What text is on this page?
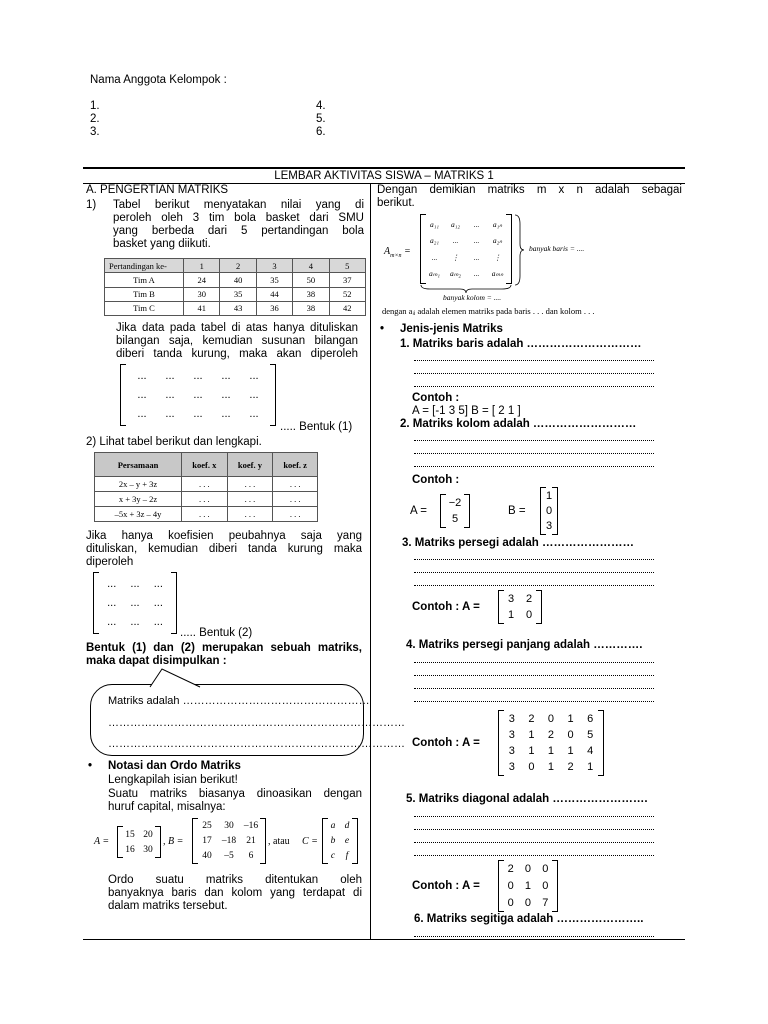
Nama Anggota Kelompok :
1.
2.
3.
4.
5.
6.
LEMBAR AKTIVITAS SISWA – MATRIKS 1
A. PENGERTIAN MATRIKS
1) Tabel berikut menyatakan nilai yang di
peroleh oleh 3 tim bola basket dari SMU
yang berbeda dari 5 pertandingan bola
basket yang diikuti.
Pertandingan ke-	1	2	3	4	5
Tim A	24	40	35	50	37
Tim B	30	35	44	38	52
Tim C	41	43	36	38	42
Jika data pada tabel di atas hanya dituliskan
bilangan saja, kemudian susunan bilangan
diberi tanda kurung, maka akan diperoleh
...	...	...	...	...
...	...	...	...	...
...	...	...	...	...
..... Bentuk (1)
2) Lihat tabel berikut dan lengkapi.
Persamaan	koef. x	koef. y	koef. z
2x – y + 3z	. . .	. . .	. . .
x + 3y – 2z	. . .	. . .	. . .
–5x + 3z – 4y	. . .	. . .	. . .
Jika hanya koefisien peubahnya saja yang
dituliskan, kemudian diberi tanda kurung maka
diperoleh
...	...	...
...	...	...
...	...	...
..... Bentuk (2)
Bentuk (1) dan (2) merupakan sebuah matriks,
maka dapat disimpulkan :
Matriks adalah ……………………………………………
………………………………………………………………………
………………………………………………………………………
• Notasi dan Ordo Matriks
Lengkapilah isian berikut!
Suatu matriks biasanya dinoasikan dengan
huruf capital, misalnya:
A =
15 20
16 30
, B =
25	30	–16
17	–18	21
40	–5	6
, atau C =
a d
b	e
c	f
Ordo suatu matriks ditentukan oleh
banyaknya baris dan kolom yang terdapat di
dalam matriks tersebut.
Dengan demikian matriks m x n adalah sebagai
berikut.
$A_{m\times n}$ =
a₁₁	a₁₂	...	a₁ₙ
a₂₁	...	...	a₂ₙ
...	⋮	...	⋮
aₘ₁	aₘ₂	...	aₘₙ
banyak baris = ....
banyak kolom = ....
dengan aᵢⱼ adalah elemen matriks pada baris . . . dan kolom . . .
• Jenis-jenis Matriks
1. Matriks baris adalah …………………………
Contoh :
A = [-1 3 5] B = [ 2 1 ]
2. Matriks kolom adalah ………………………
Contoh :
A =
−2
5
B =
1
0
3
3. Matriks persegi adalah ……………………
Contoh : A =
3	2
1	0
4. Matriks persegi panjang adalah ………….
Contoh : A =
3	2	0	1	6
3	1	2	0	5
3	1	1	1	4
3	0	1	2	1
5. Matriks diagonal adalah …………………….
Contoh : A =
2	0	0
0	1	0
0	0	7
6. Matriks segitiga adalah …………………..
